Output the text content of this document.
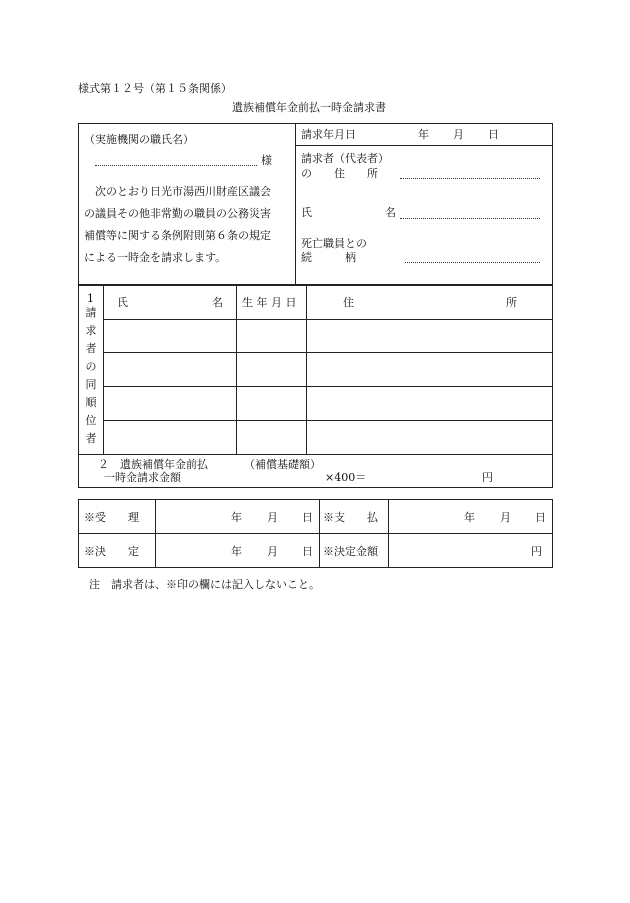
様式第１２号（第１５条関係）
遺族補償年金前払一時金請求書
（実施機関の職氏名）
様
　次のとおり日光市湯西川財産区議会
の議員その他非常勤の職員の公務災害
補償等に関する条例附則第６条の規定
による一時金を請求します。
請求年月日	年 月 日
請求者（代表者）
の　　住　　所
氏	名
死亡職員との
続　　　柄
1
請
求
者
の
同
順
位
者
氏	名 生 年 月 日	住	所
２　遺族補償年金前払
一時金請求金額
（補償基礎額）
×400＝	円
※受　　理	年 月 日 ※支　　払	年 月 日
※決　　定	年 月 日 ※決定金額	円
注　請求者は、※印の欄には記入しないこと。
